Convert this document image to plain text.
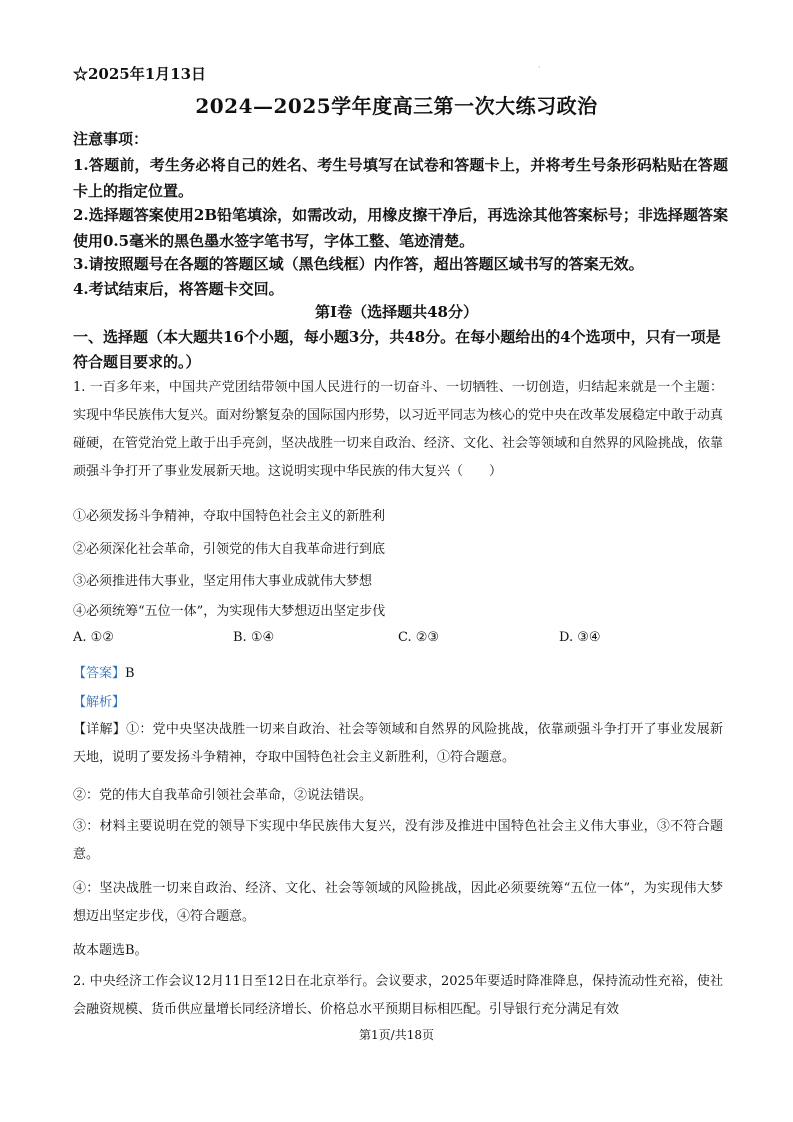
☆2025年1月13日	·
2024—2025学年度高三第一次大练习政治
注意事项：
1.答题前，考生务必将自己的姓名、考生号填写在试卷和答题卡上，并将考生号条形码粘贴在答题卡上的指定位置。
2.选择题答案使用2B铅笔填涂，如需改动，用橡皮擦干净后，再选涂其他答案标号；非选择题答案使用0.5毫米的黑色墨水签字笔书写，字体工整、笔迹清楚。
3.请按照题号在各题的答题区域（黑色线框）内作答，超出答题区域书写的答案无效。
4.考试结束后，将答题卡交回。
第Ⅰ卷（选择题共48分）
一、选择题（本大题共16个小题，每小题3分，共48分。在每小题给出的4个选项中，只有一项是符合题目要求的。）
1. 一百多年来，中国共产党团结带领中国人民进行的一切奋斗、一切牺牲、一切创造，归结起来就是一个主题：实现中华民族伟大复兴。面对纷繁复杂的国际国内形势，以习近平同志为核心的党中央在改革发展稳定中敢于动真碰硬，在管党治党上敢于出手亮剑，坚决战胜一切来自政治、经济、文化、社会等领域和自然界的风险挑战，依靠顽强斗争打开了事业发展新天地。这说明实现中华民族的伟大复兴（　　）
①必须发扬斗争精神，夺取中国特色社会主义的新胜利
②必须深化社会革命，引领党的伟大自我革命进行到底
③必须推进伟大事业，坚定用伟大事业成就伟大梦想
④必须统筹“五位一体”，为实现伟大梦想迈出坚定步伐
A. ①②	B. ①④	C. ②③	D. ③④
【答案】B
【解析】
【详解】①：党中央坚决战胜一切来自政治、社会等领域和自然界的风险挑战，依靠顽强斗争打开了事业发展新天地，说明了要发扬斗争精神，夺取中国特色社会主义新胜利，①符合题意。
②：党的伟大自我革命引领社会革命，②说法错误。
③：材料主要说明在党的领导下实现中华民族伟大复兴，没有涉及推进中国特色社会主义伟大事业，③不符合题意。
④：坚决战胜一切来自政治、经济、文化、社会等领域的风险挑战，因此必须要统筹“五位一体”，为实现伟大梦想迈出坚定步伐，④符合题意。
故本题选B。
2. 中央经济工作会议12月11日至12日在北京举行。会议要求，2025年要适时降准降息，保持流动性充裕，使社会融资规模、货币供应量增长同经济增长、价格总水平预期目标相匹配。引导银行充分满足有效
第1页/共18页
